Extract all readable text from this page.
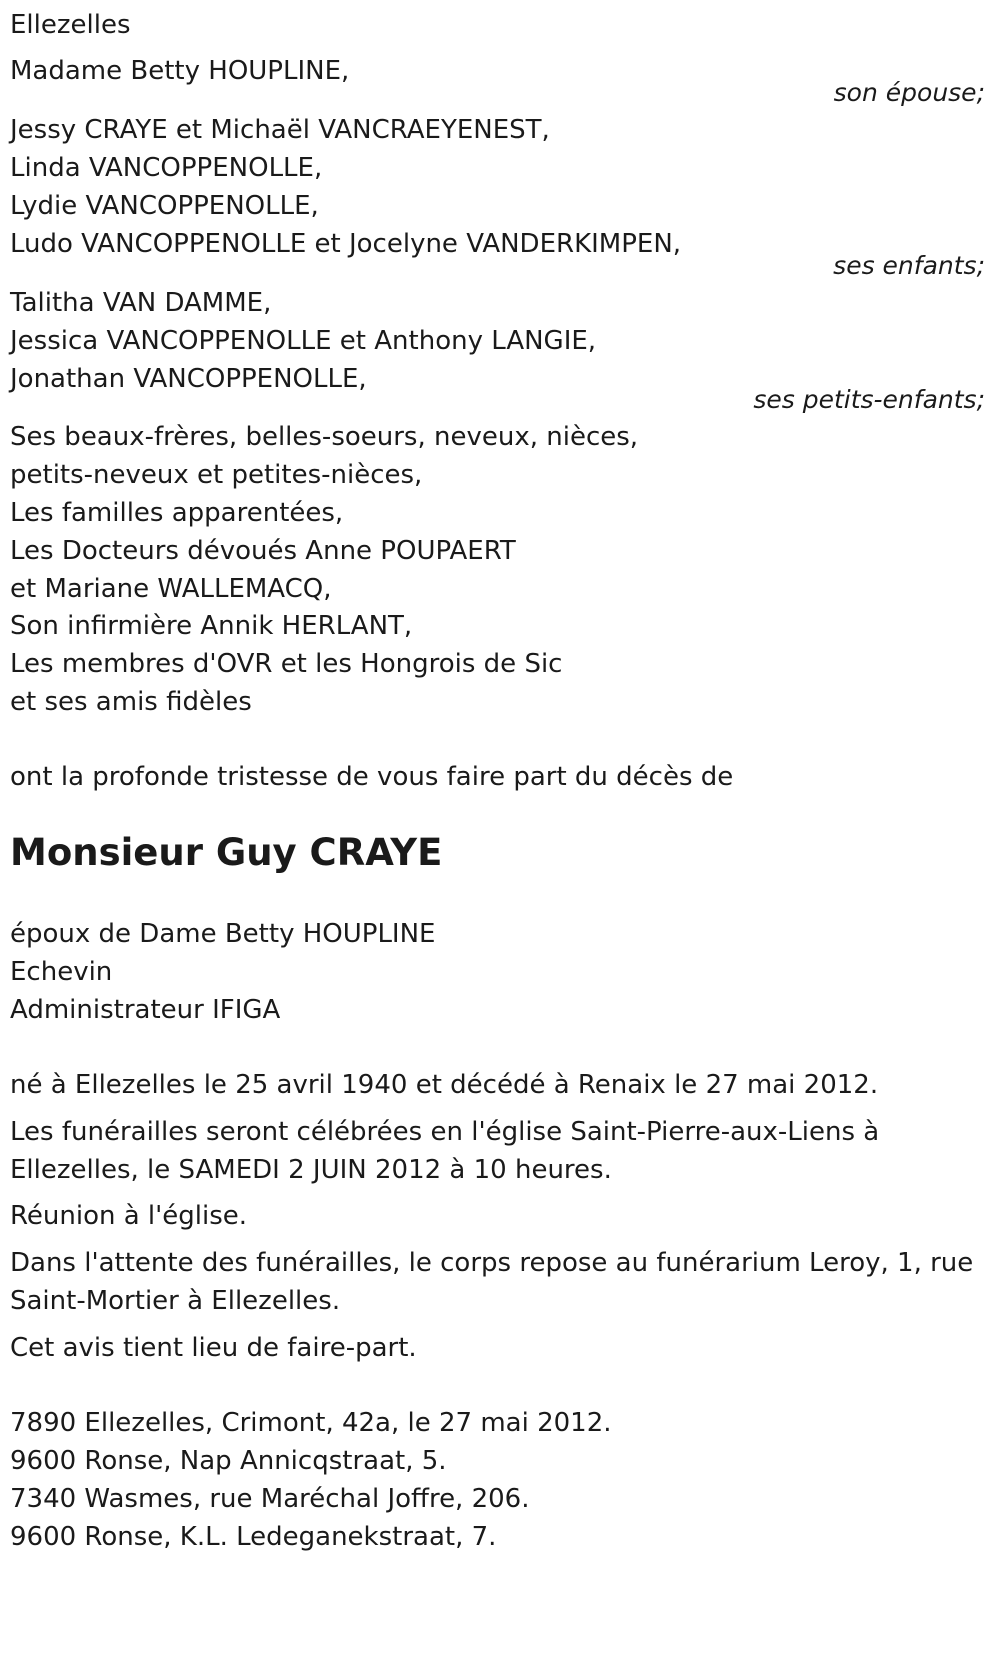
Ellezelles
Madame Betty HOUPLINE,
son épouse;
Jessy CRAYE et Michaël VANCRAEYENEST,
Linda VANCOPPENOLLE,
Lydie VANCOPPENOLLE,
Ludo VANCOPPENOLLE et Jocelyne VANDERKIMPEN,
ses enfants;
Talitha VAN DAMME,
Jessica VANCOPPENOLLE et Anthony LANGIE,
Jonathan VANCOPPENOLLE,
ses petits-enfants;
Ses beaux-frères, belles-soeurs, neveux, nièces,
petits-neveux et petites-nièces,
Les familles apparentées,
Les Docteurs dévoués Anne POUPAERT
et Mariane WALLEMACQ,
Son infirmière Annik HERLANT,
Les membres d'OVR et les Hongrois de Sic
et ses amis fidèles
ont la profonde tristesse de vous faire part du décès de
Monsieur Guy CRAYE
époux de Dame Betty HOUPLINE
Echevin
Administrateur IFIGA
né à Ellezelles le 25 avril 1940 et décédé à Renaix le 27 mai 2012.
Les funérailles seront célébrées en l'église Saint-Pierre-aux-Liens à
Ellezelles, le SAMEDI 2 JUIN 2012 à 10 heures.
Réunion à l'église.
Dans l'attente des funérailles, le corps repose au funérarium Leroy, 1, rue
Saint-Mortier à Ellezelles.
Cet avis tient lieu de faire-part.
7890 Ellezelles, Crimont, 42a, le 27 mai 2012.
9600 Ronse, Nap Annicqstraat, 5.
7340 Wasmes, rue Maréchal Joffre, 206.
9600 Ronse, K.L. Ledeganekstraat, 7.
